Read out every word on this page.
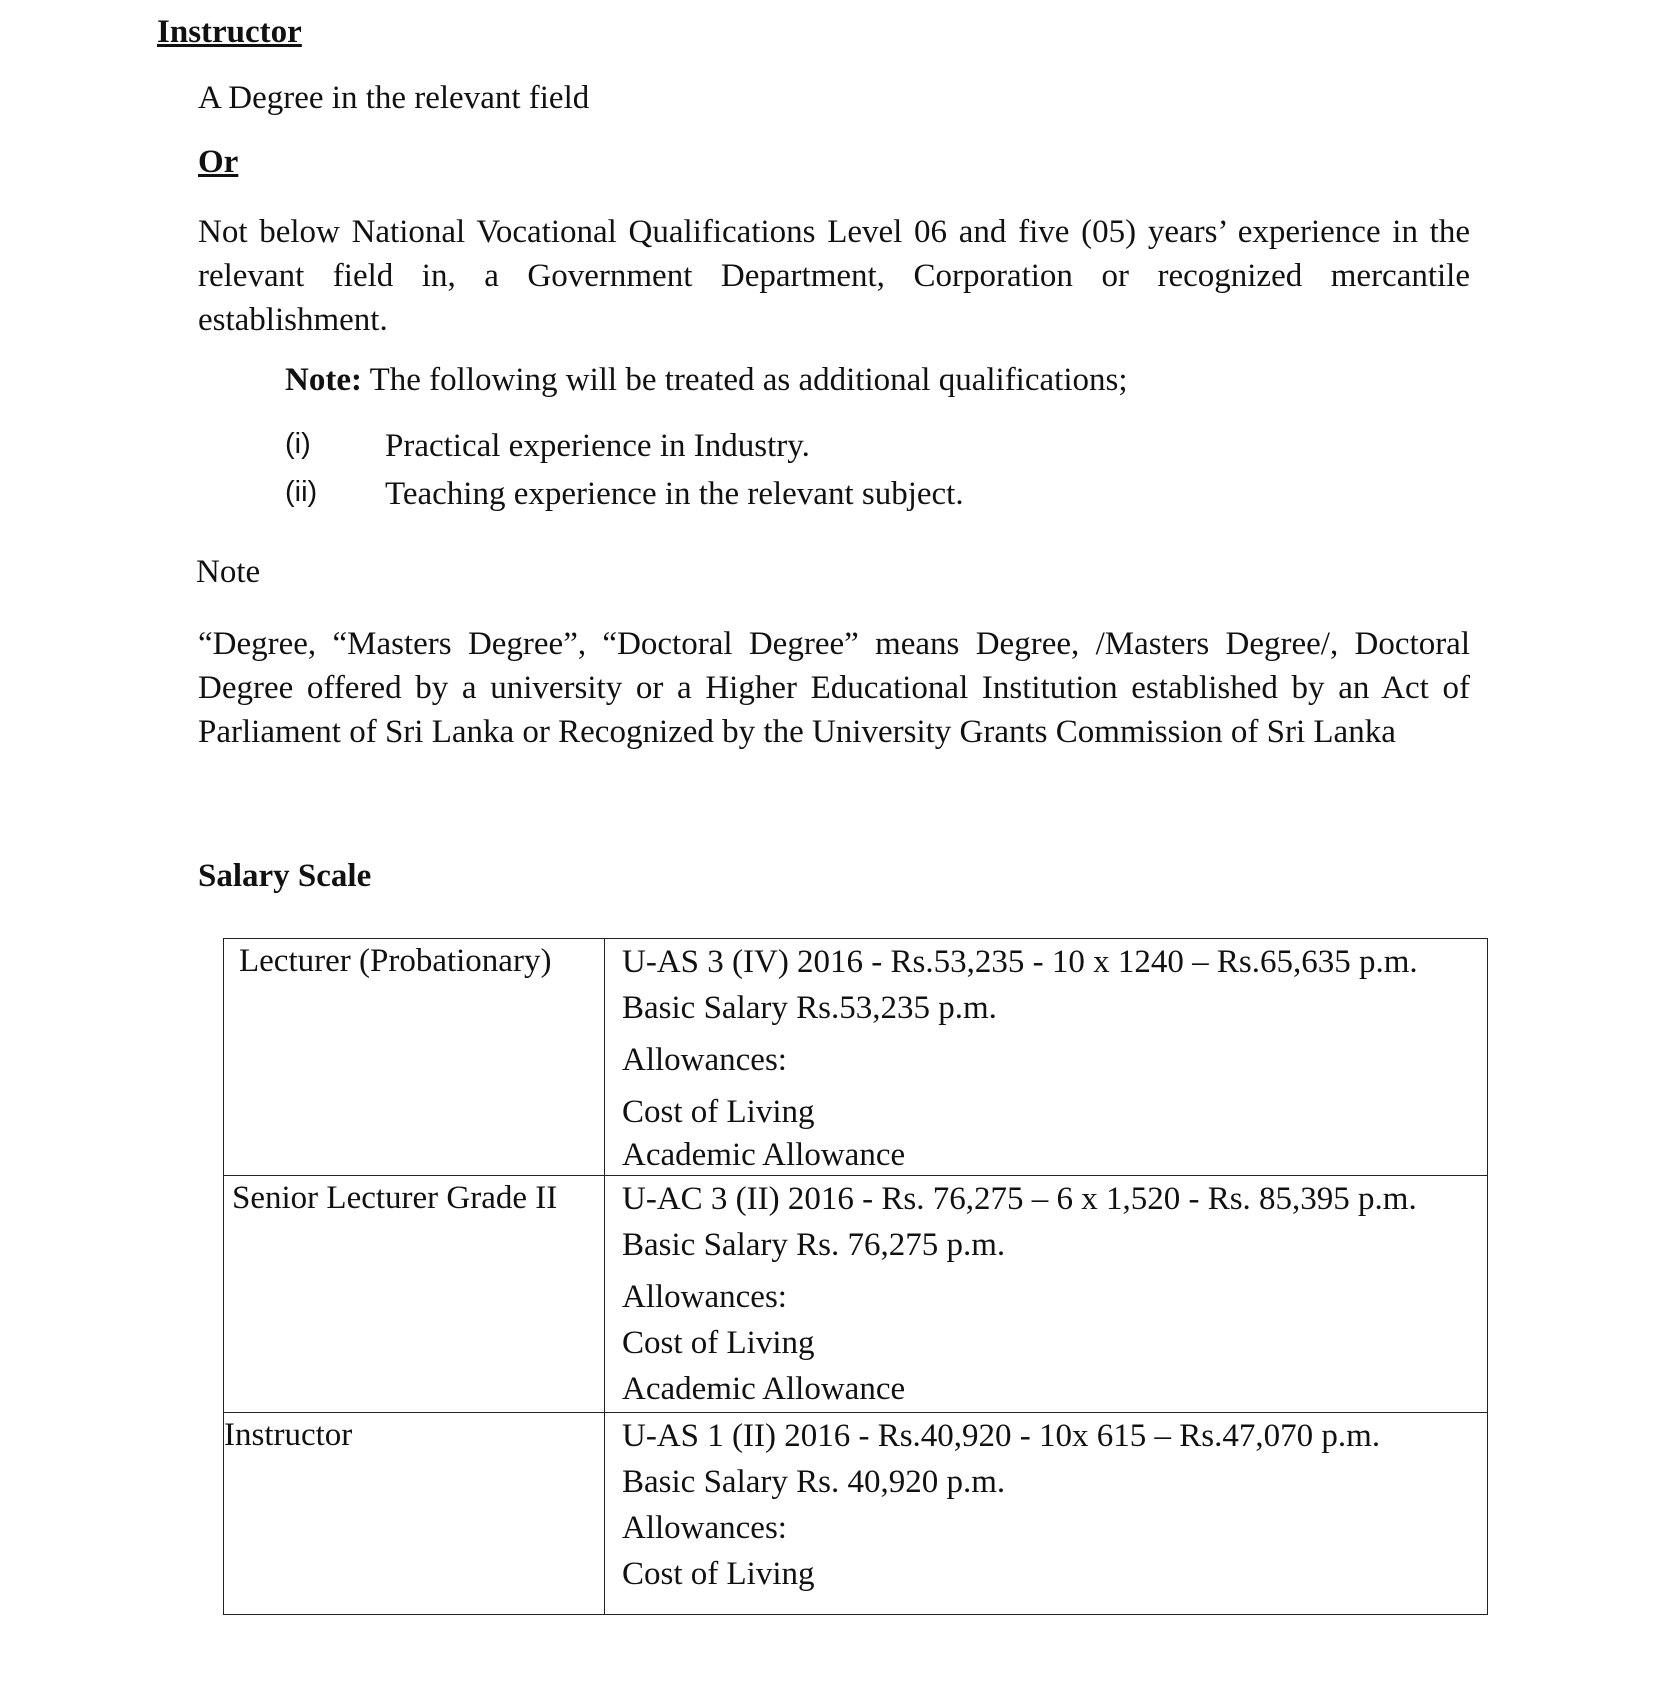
Instructor

A Degree in the relevant field

Or

Not below National Vocational Qualifications Level 06 and five (05) years’ experience in the relevant field in, a Government Department, Corporation or recognized mercantile establishment.

Note: The following will be treated as additional qualifications;

(i)	Practical experience in Industry.

(ii)	Teaching experience in the relevant subject.

Note

“Degree, “Masters Degree”, “Doctoral Degree” means Degree, /Masters Degree/, Doctoral Degree offered by a university or a Higher Educational Institution established by an Act of Parliament of Sri Lanka or Recognized by the University Grants Commission of Sri Lanka

Salary Scale
Lecturer (Probationary)	U-AS 3 (IV) 2016 - Rs.53,235 - 10 x 1240 – Rs.65,635 p.m.
Basic Salary Rs.53,235 p.m.
Allowances:
Cost of Living
Academic Allowance

Senior Lecturer Grade II	U-AC 3 (II) 2016 - Rs. 76,275 – 6 x 1,520 - Rs. 85,395 p.m.
Basic Salary Rs. 76,275 p.m.
Allowances:
Cost of Living
Academic Allowance

Instructor	U-AS 1 (II) 2016 - Rs.40,920 - 10x 615 – Rs.47,070 p.m.
Basic Salary Rs. 40,920 p.m.
Allowances:
Cost of Living
